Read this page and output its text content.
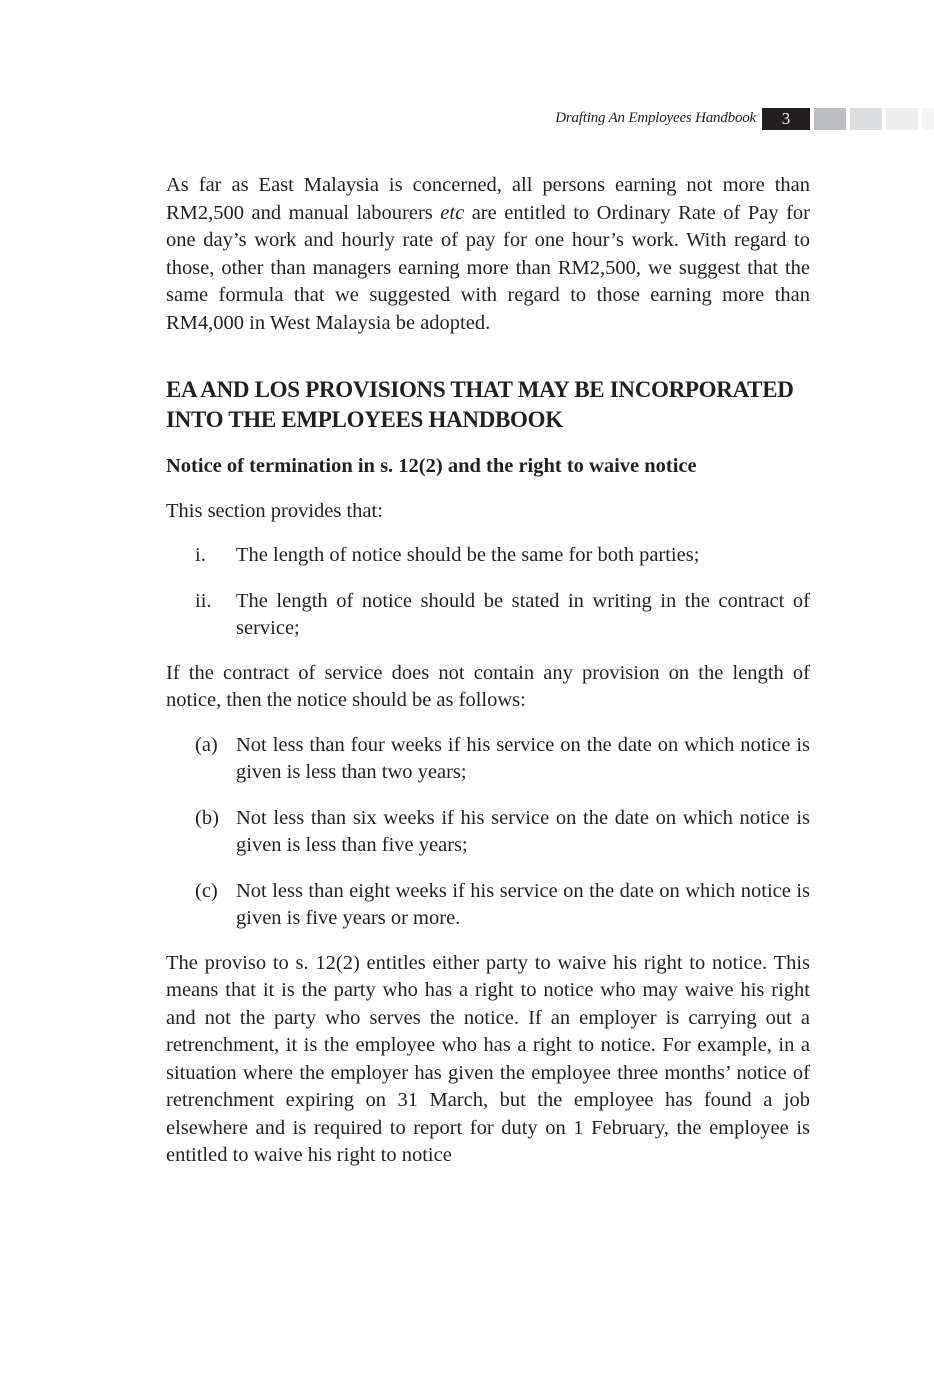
Drafting An Employees Handbook	3

As far as East Malaysia is concerned, all persons earning not more than RM2,500 and manual labourers etc are entitled to Ordinary Rate of Pay for one day’s work and hourly rate of pay for one hour’s work. With regard to those, other than managers earning more than RM2,500, we suggest that the same formula that we suggested with regard to those earning more than RM4,000 in West Malaysia be adopted.

EA AND LOS PROVISIONS THAT MAY BE INCORPORATED INTO THE EMPLOYEES HANDBOOK

Notice of termination in s. 12(2) and the right to waive notice

This section provides that:

i. The length of notice should be the same for both parties;
ii. The length of notice should be stated in writing in the contract of service;

If the contract of service does not contain any provision on the length of notice, then the notice should be as follows:

(a) Not less than four weeks if his service on the date on which notice is given is less than two years;
(b) Not less than six weeks if his service on the date on which notice is given is less than five years;
(c) Not less than eight weeks if his service on the date on which notice is given is five years or more.

The proviso to s. 12(2) entitles either party to waive his right to notice. This means that it is the party who has a right to notice who may waive his right and not the party who serves the notice. If an employer is carrying out a retrenchment, it is the employee who has a right to notice. For example, in a situation where the employer has given the employee three months’ notice of retrenchment expiring on 31 March, but the employee has found a job elsewhere and is required to report for duty on 1 February, the employee is entitled to waive his right to notice
